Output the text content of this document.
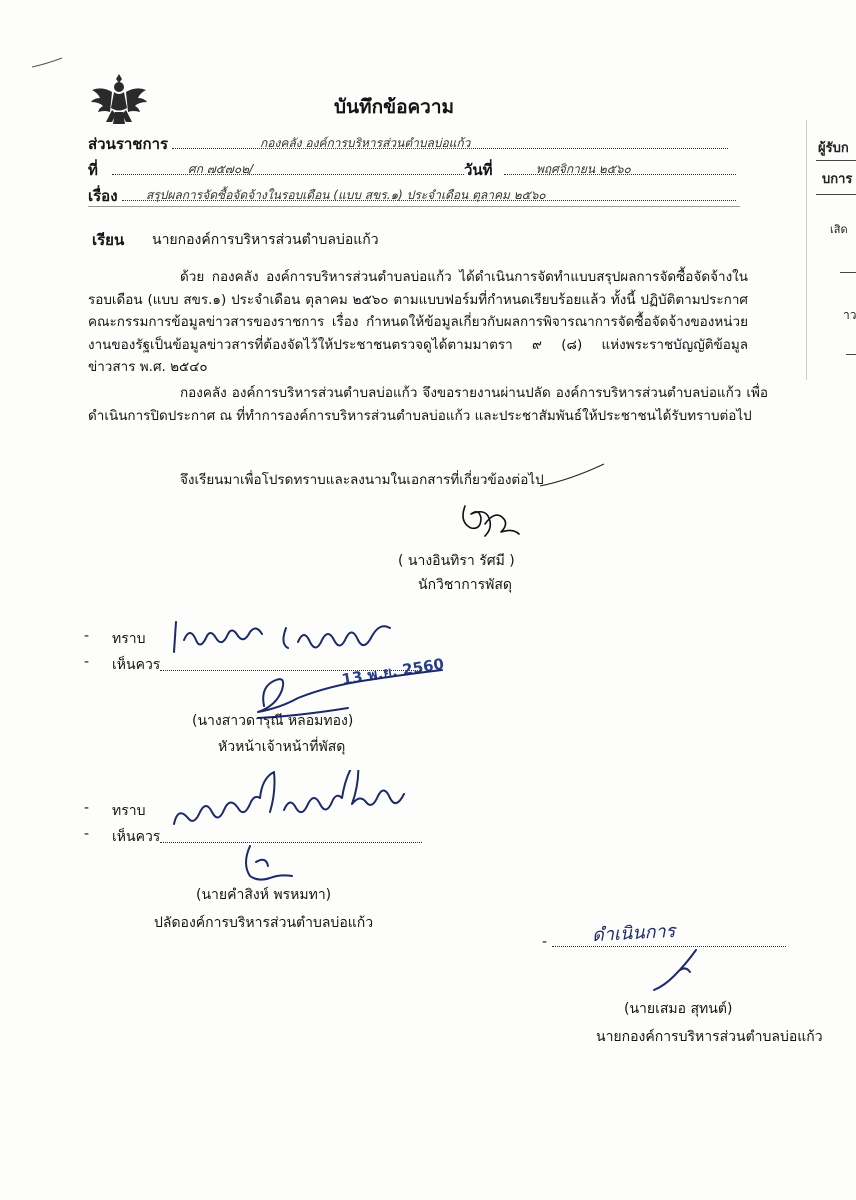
บันทึกข้อความ
ส่วนราชการ	กองคลัง องค์การบริหารส่วนตำบลบ่อแก้ว
ที่	ศก ๗๕๗๐๒/	วันที่	พฤศจิกายน ๒๕๖๐
เรื่อง สรุปผลการจัดซื้อจัดจ้างในรอบเดือน (แบบ สขร.๑) ประจำเดือน ตุลาคม ๒๕๖๐
เรียน นายกองค์การบริหารส่วนตำบลบ่อแก้ว
ด้วย กองคลัง องค์การบริหารส่วนตำบลบ่อแก้ว ได้ดำเนินการจัดทำแบบสรุปผลการจัดซื้อจัดจ้างในรอบเดือน (แบบ สขร.๑) ประจำเดือน ตุลาคม ๒๕๖๐ ตามแบบฟอร์มที่กำหนดเรียบร้อยแล้ว ทั้งนี้ ปฏิบัติตามประกาศคณะกรรมการข้อมูลข่าวสารของราชการ เรื่อง กำหนดให้ข้อมูลเกี่ยวกับผลการพิจารณาการจัดซื้อจัดจ้างของหน่วยงานของรัฐเป็นข้อมูลข่าวสารที่ต้องจัดไว้ให้ประชาชนตรวจดูได้ตามมาตรา ๙ (๘) แห่งพระราชบัญญัติข้อมูลข่าวสาร พ.ศ. ๒๕๔๐
กองคลัง องค์การบริหารส่วนตำบลบ่อแก้ว จึงขอรายงานผ่านปลัด องค์การบริหารส่วนตำบลบ่อแก้ว เพื่อดำเนินการปิดประกาศ ณ ที่ทำการองค์การบริหารส่วนตำบลบ่อแก้ว และประชาสัมพันธ์ให้ประชาชนได้รับทราบต่อไป
จึงเรียนมาเพื่อโปรดทราบและลงนามในเอกสารที่เกี่ยวข้องต่อไป
( นางอินทิรา รัศมี )
นักวิชาการพัสดุ
- ทราบ
- เห็นควร	13 พ.ย. 2560
(นางสาวดารุณี หลอมทอง)
หัวหน้าเจ้าหน้าที่พัสดุ
- ทราบ
- เห็นควร
(นายคำสิงห์ พรหมทา)
ปลัดองค์การบริหารส่วนตำบลบ่อแก้ว
- ดำเนินการ
(นายเสมอ สุทนต์)
นายกองค์การบริหารส่วนตำบลบ่อแก้ว
ผู้รับก
บการ
เสิด
าว
